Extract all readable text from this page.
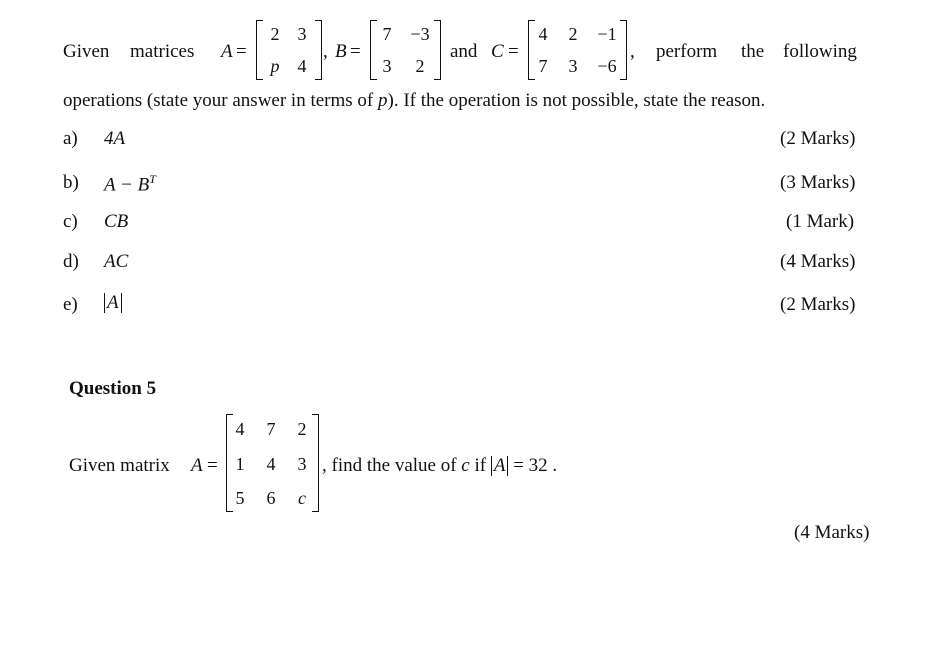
Given matrices A =
2 3
p 4
, B =
7 −3
3 2
and C =
4 2 −1
7 3 −6
, perform the following
operations (state your answer in terms of p). If the operation is not possible, state the reason.
a) 4A	(2 Marks)
b) $A - B^T$	(3 Marks)
c) CB	(1 Mark)
d) AC	(4 Marks)
e) A	(2 Marks)
Question 5
Given matrix A =
4 7 2
1 4 3
5 6 c
, find the value of c if A = 32 .
(4 Marks)
